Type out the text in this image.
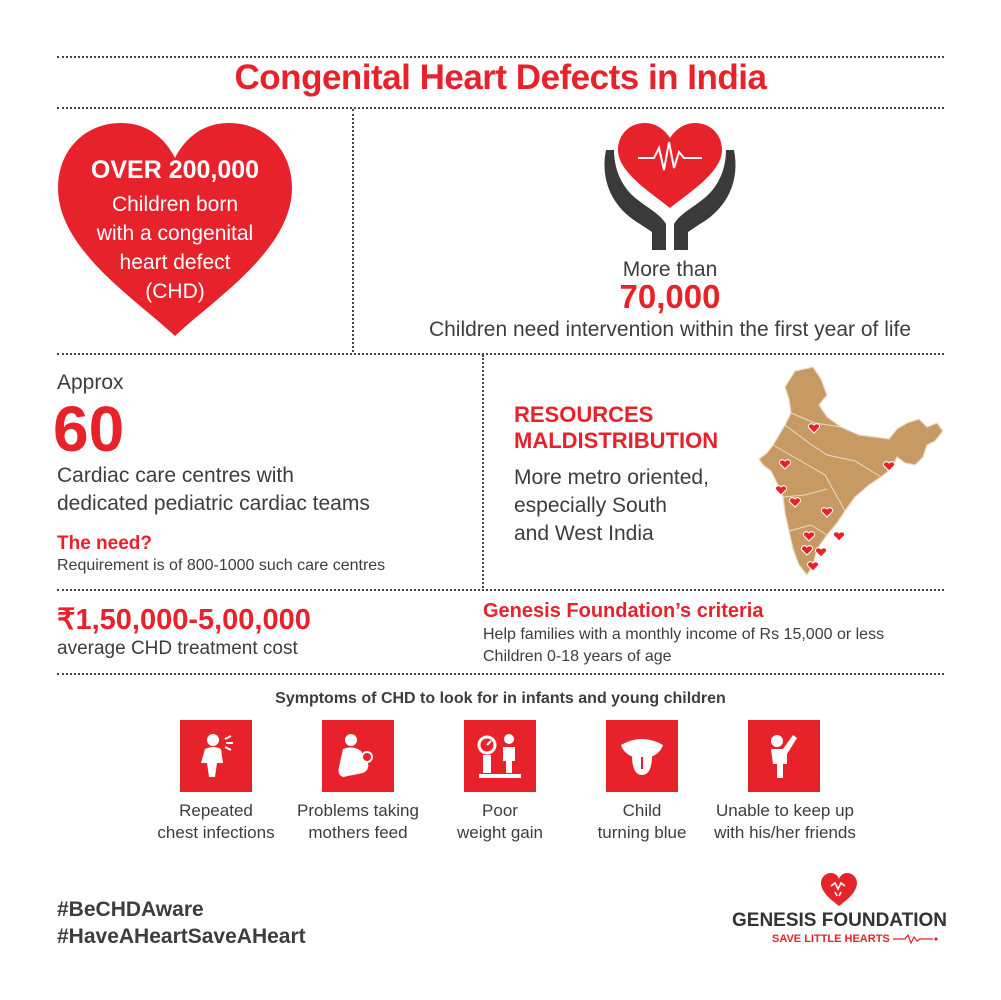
Congenital Heart Defects in India
OVER 200,000
Children born
with a congenital
heart defect
(CHD)
More than
70,000
Children need intervention within the first year of life
Approx
60
Cardiac care centres with
dedicated pediatric cardiac teams
The need?
Requirement is of 800-1000 such care centres
RESOURCES
MALDISTRIBUTION
More metro oriented,
especially South
and West India
₹1,50,000-5,00,000
average CHD treatment cost
Genesis Foundation’s criteria
Help families with a monthly income of Rs 15,000 or less
Children 0-18 years of age
Symptoms of CHD to look for in infants and young children
Repeated
chest infections
Problems taking
mothers feed
Poor
weight gain
Child
turning blue
Unable to keep up
with his/her friends
#BeCHDAware
#HaveAHeartSaveAHeart
GENESIS FOUNDATION
SAVE LITTLE HEARTS
